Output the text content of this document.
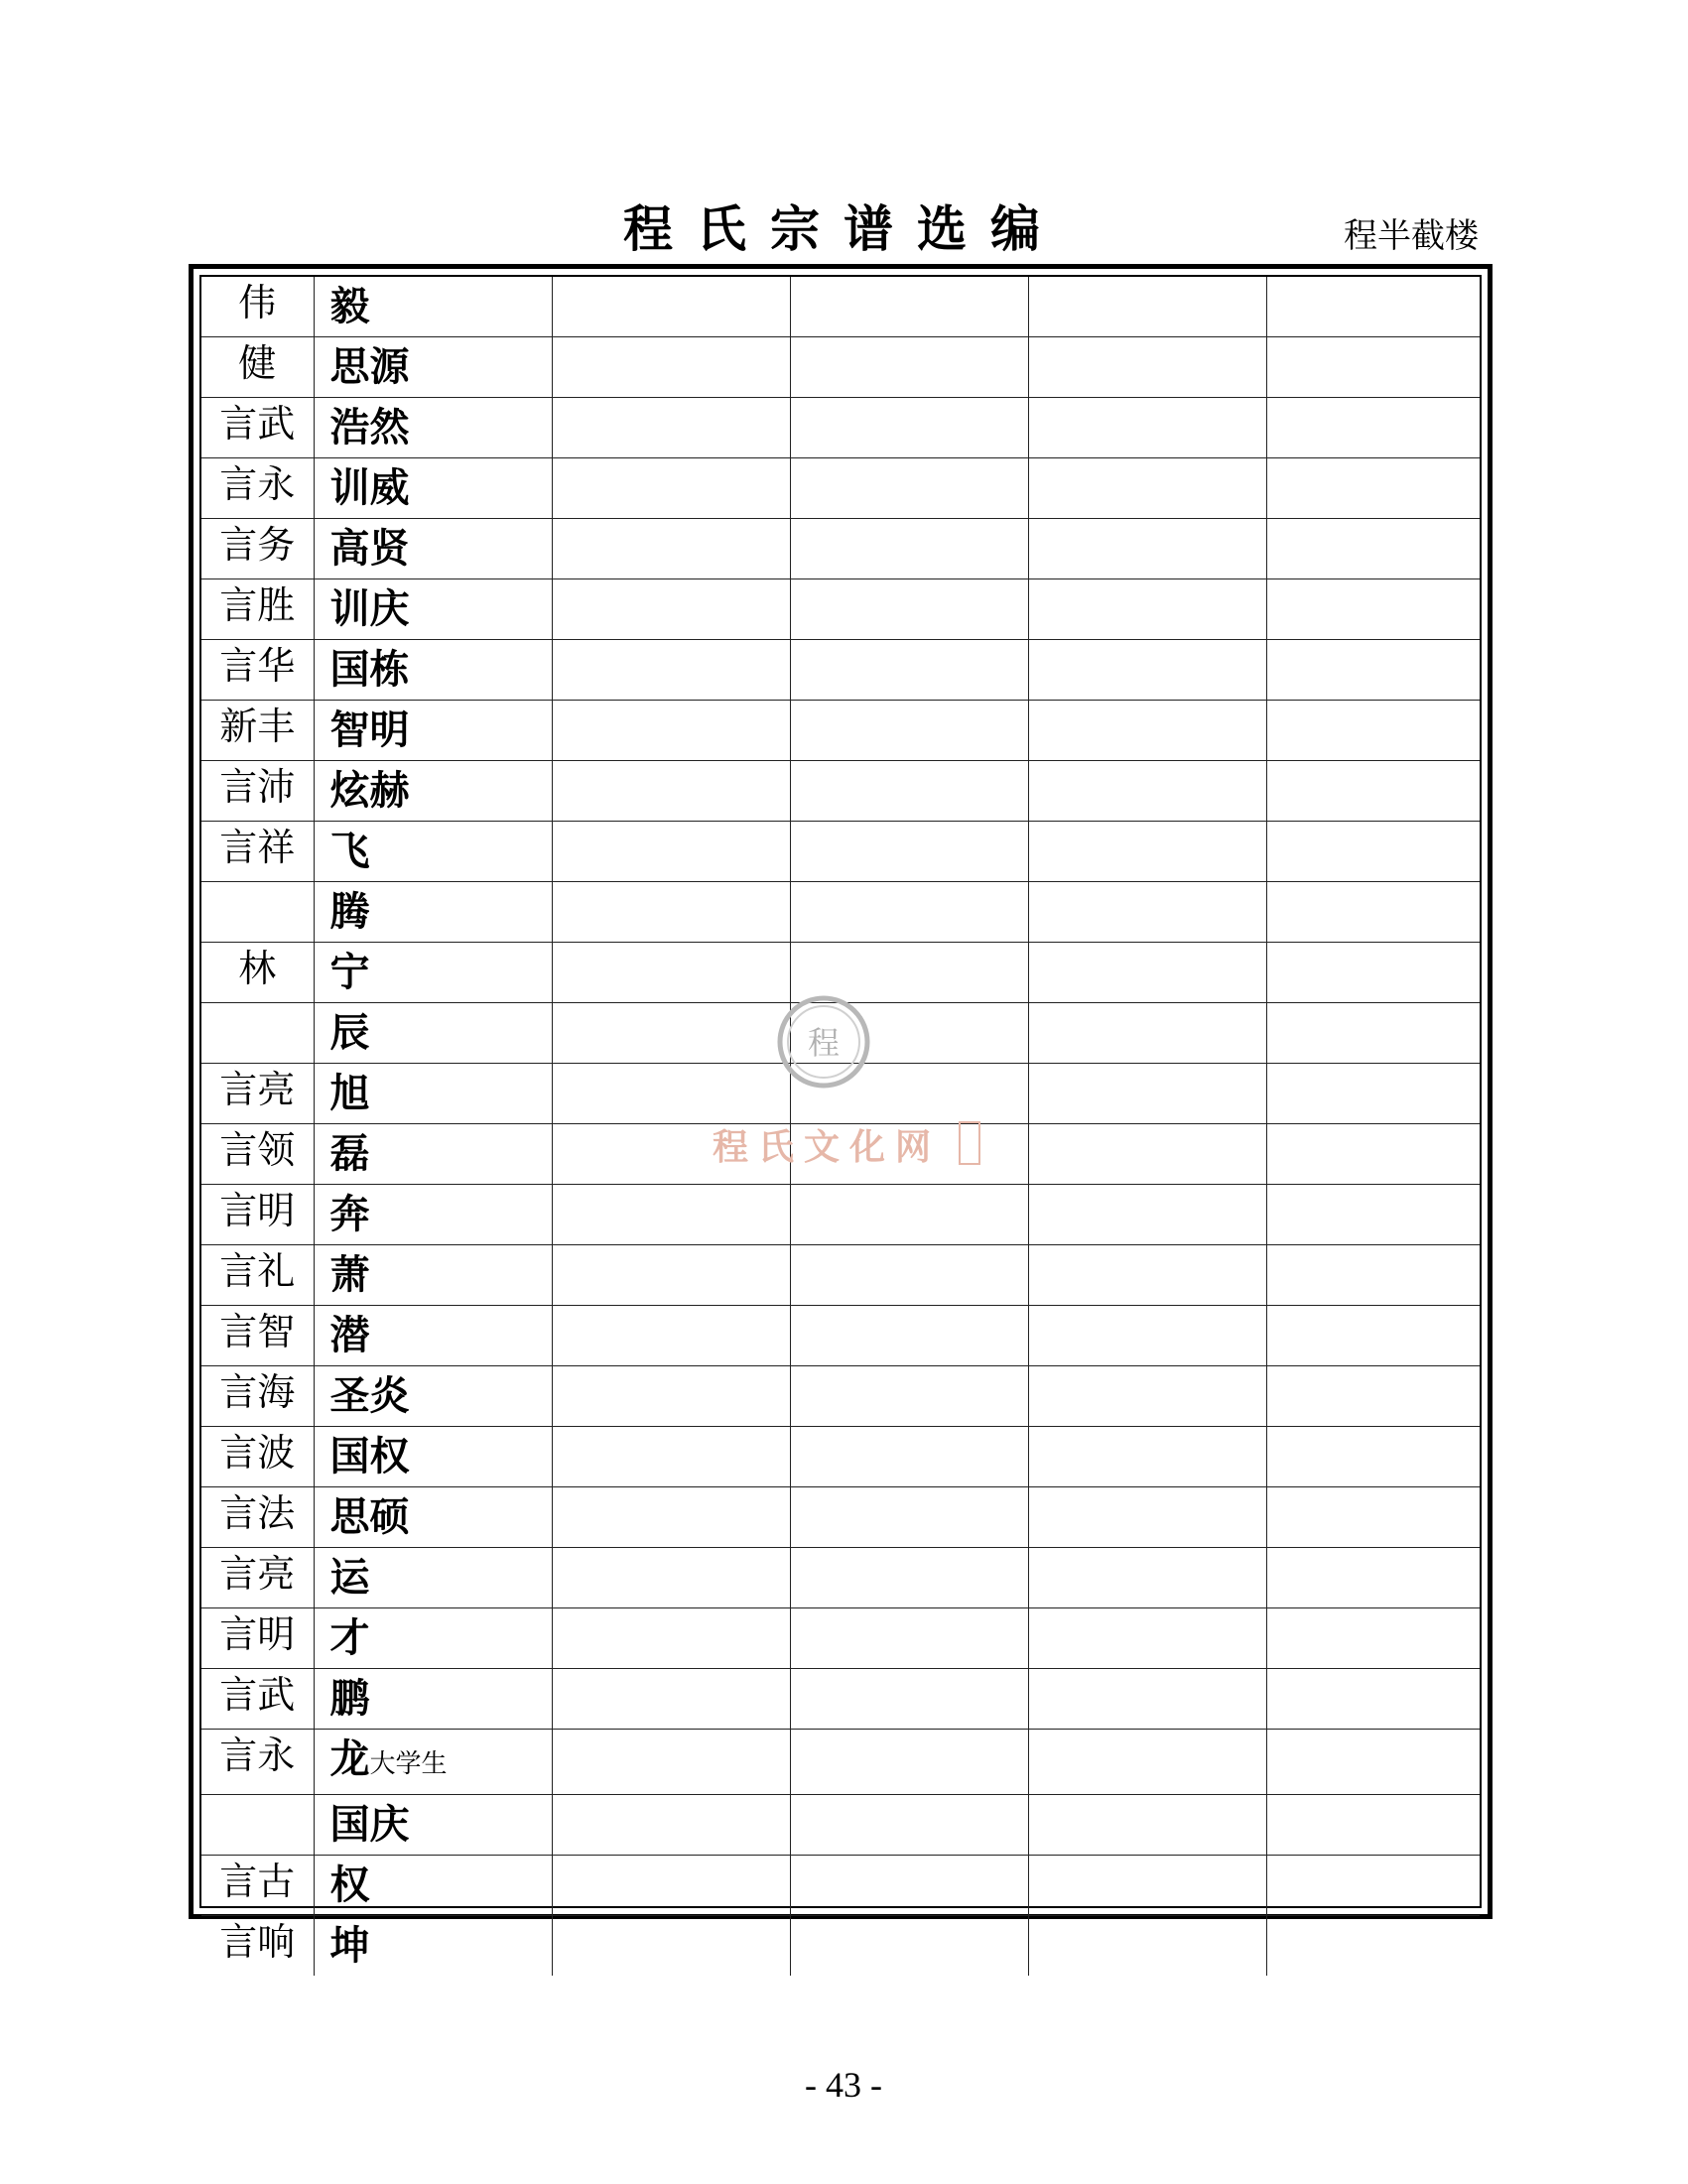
程氏宗谱选编	程半截楼
伟	毅				
健	思源				
言武	浩然				
言永	训威				
言务	高贤				
言胜	训庆				
言华	国栋				
新丰	智明				
言沛	炫赫				
言祥	飞				
	腾				
林	宁				
	辰				
言亮	旭				
言领	磊				
言明	奔				
言礼	萧				
言智	潜				
言海	圣炎				
言波	国权				
言法	思硕				
言亮	运				
言明	才				
言武	鹏				
言永	龙大学生				
	国庆				
言古	权				
言响	坤				
程
程氏文化网
- 43 -
